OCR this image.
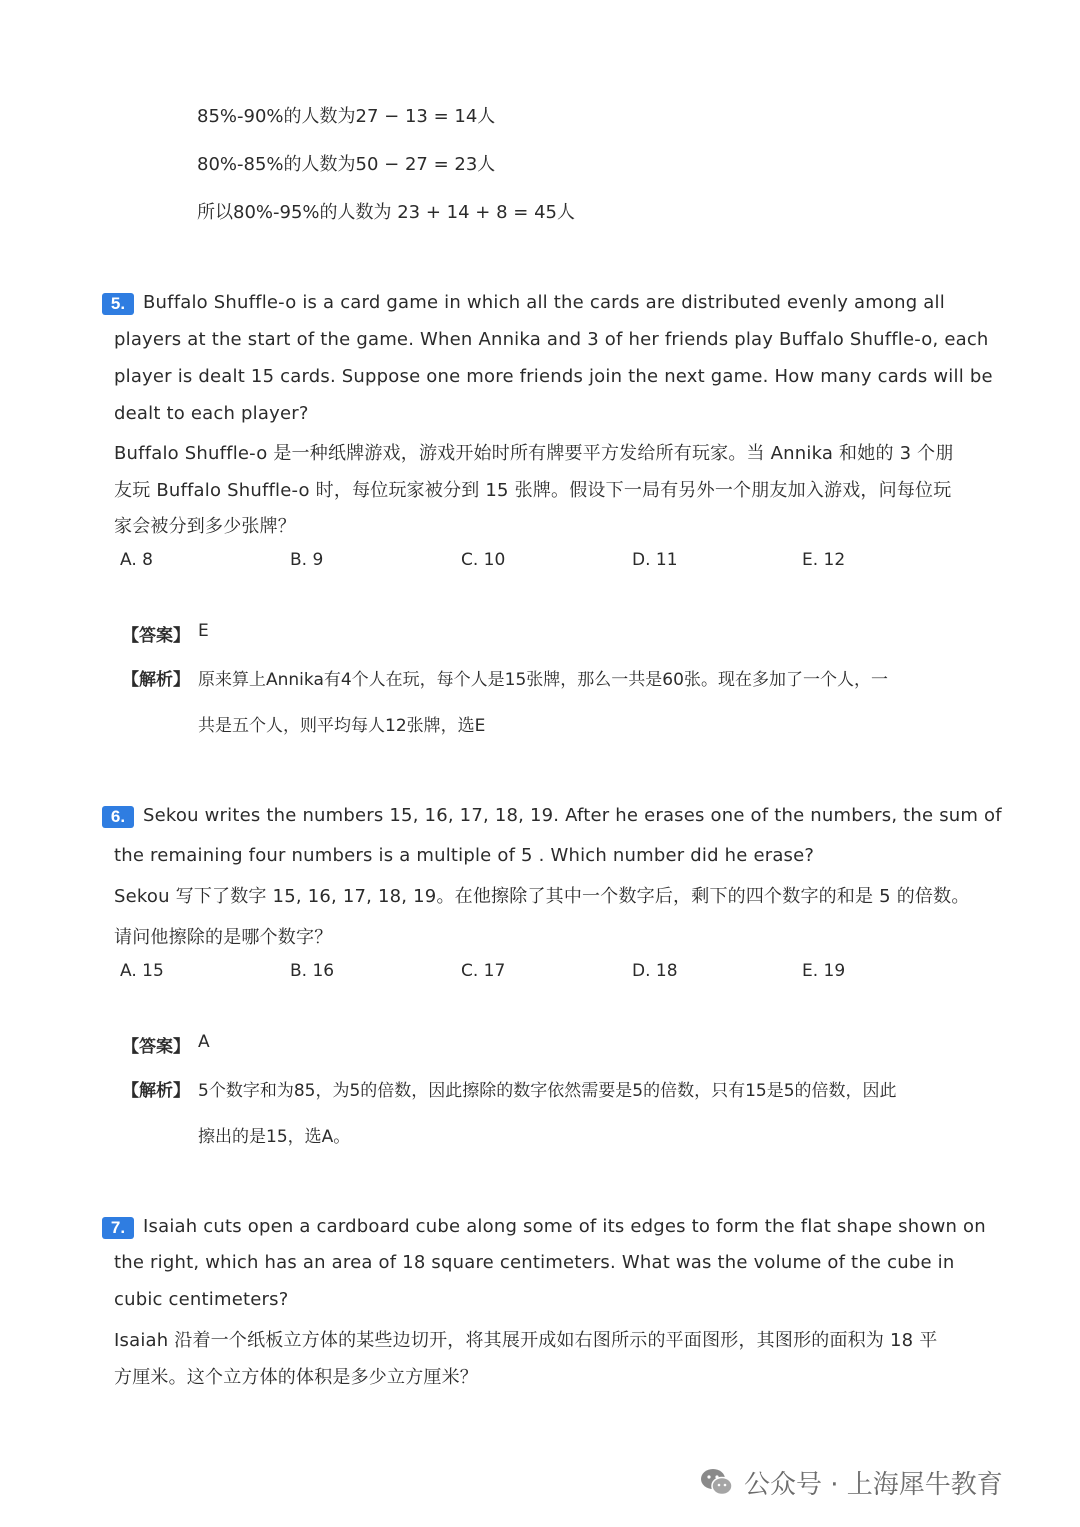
85%-90%的人数为27 − 13 = 14人
80%-85%的人数为50 − 27 = 23人
所以80%-95%的人数为 23 + 14 + 8 = 45人
5. Buffalo Shuffle-o is a card game in which all the cards are distributed evenly among all
players at the start of the game. When Annika and 3 of her friends play Buffalo Shuffle-o, each
player is dealt 15 cards. Suppose one more friends join the next game. How many cards will be
dealt to each player?
Buffalo Shuffle-o 是一种纸牌游戏，游戏开始时所有牌要平方发给所有玩家。当 Annika 和她的 3 个朋
友玩 Buffalo Shuffle-o 时，每位玩家被分到 15 张牌。假设下一局有另外一个朋友加入游戏，问每位玩
家会被分到多少张牌？
A. 8	B. 9	C. 10	D. 11	E. 12
【答案】 E
【解析】 原来算上Annika有4个人在玩，每个人是15张牌，那么一共是60张。现在多加了一个人，一
共是五个人，则平均每人12张牌，选E
6. Sekou writes the numbers 15, 16, 17, 18, 19. After he erases one of the numbers, the sum of
the remaining four numbers is a multiple of 5 . Which number did he erase?
Sekou 写下了数字 15, 16, 17, 18, 19。在他擦除了其中一个数字后，剩下的四个数字的和是 5 的倍数。
请问他擦除的是哪个数字？
A. 15	B. 16	C. 17	D. 18	E. 19
【答案】 A
【解析】 5个数字和为85，为5的倍数，因此擦除的数字依然需要是5的倍数，只有15是5的倍数，因此
擦出的是15，选A。
7. Isaiah cuts open a cardboard cube along some of its edges to form the flat shape shown on
the right, which has an area of 18 square centimeters. What was the volume of the cube in
cubic centimeters?
Isaiah 沿着一个纸板立方体的某些边切开，将其展开成如右图所示的平面图形，其图形的面积为 18 平
方厘米。这个立方体的体积是多少立方厘米？
公众号 · 上海犀牛教育
